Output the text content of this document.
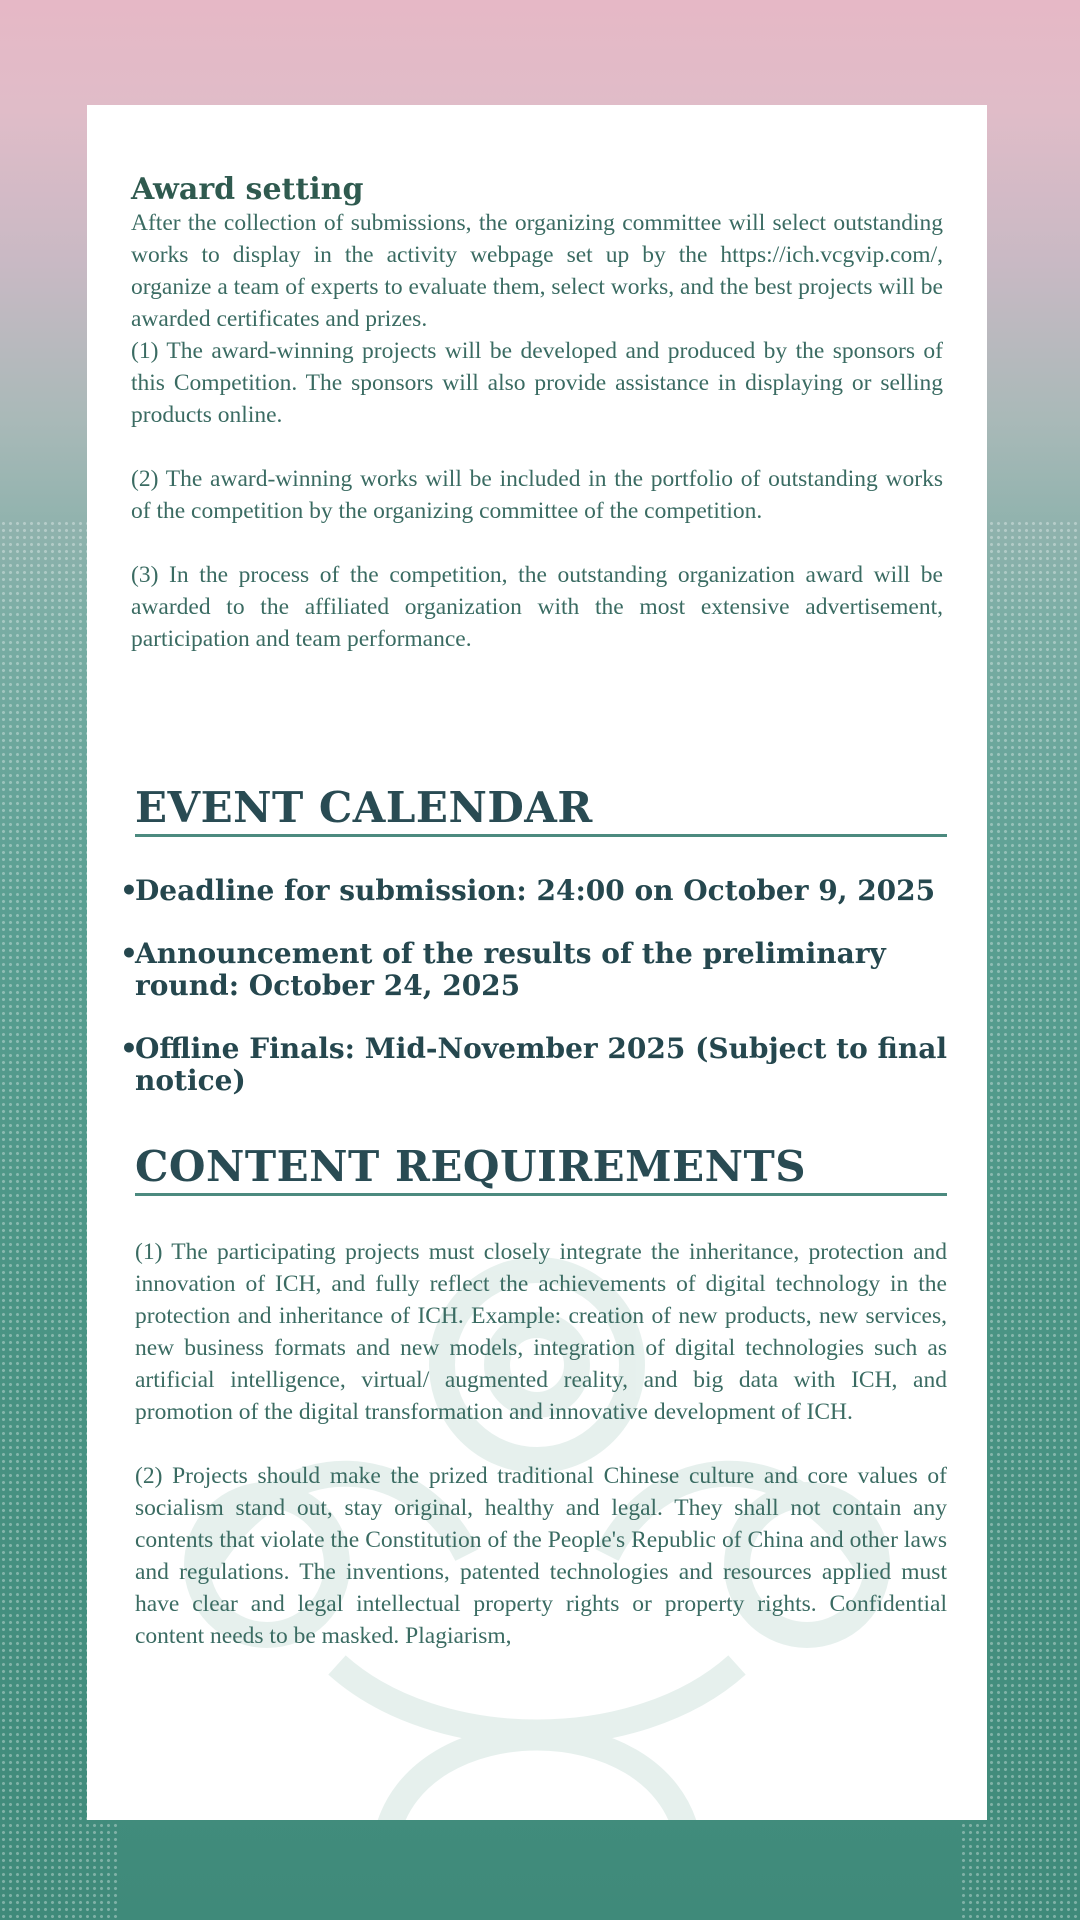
Award setting

After the collection of submissions, the organizing committee will select outstanding works to display in the activity webpage set up by the https://ich.vcgvip.com/, organize a team of experts to evaluate them, select works, and the best projects will be awarded certificates and prizes.

(1) The award-winning projects will be developed and produced by the sponsors of this Competition. The sponsors will also provide assistance in displaying or selling products online.

(2) The award-winning works will be included in the portfolio of outstanding works of the competition by the organizing committee of the competition.

(3) In the process of the competition, the outstanding organization award will be awarded to the affiliated organization with the most extensive advertisement, participation and team performance.

EVENT CALENDAR
•
Deadline for submission: 24:00 on October 9, 2025
•
Announcement of the results of the preliminary round: October 24, 2025
•
Offline Finals: Mid-November 2025 (Subject to final notice)
CONTENT REQUIREMENTS

(1) The participating projects must closely integrate the inheritance, protection and innovation of ICH, and fully reflect the achievements of digital technology in the protection and inheritance of ICH. Example: creation of new products, new services, new business formats and new models, integration of digital technologies such as artificial intelligence, virtual/ augmented reality, and big data with ICH, and promotion of the digital transformation and innovative development of ICH.

(2) Projects should make the prized traditional Chinese culture and core values of socialism stand out, stay original, healthy and legal. They shall not contain any contents that violate the Constitution of the People's Republic of China and other laws and regulations. The inventions, patented technologies and resources applied must have clear and legal intellectual property rights or property rights. Confidential content needs to be masked. Plagiarism,
